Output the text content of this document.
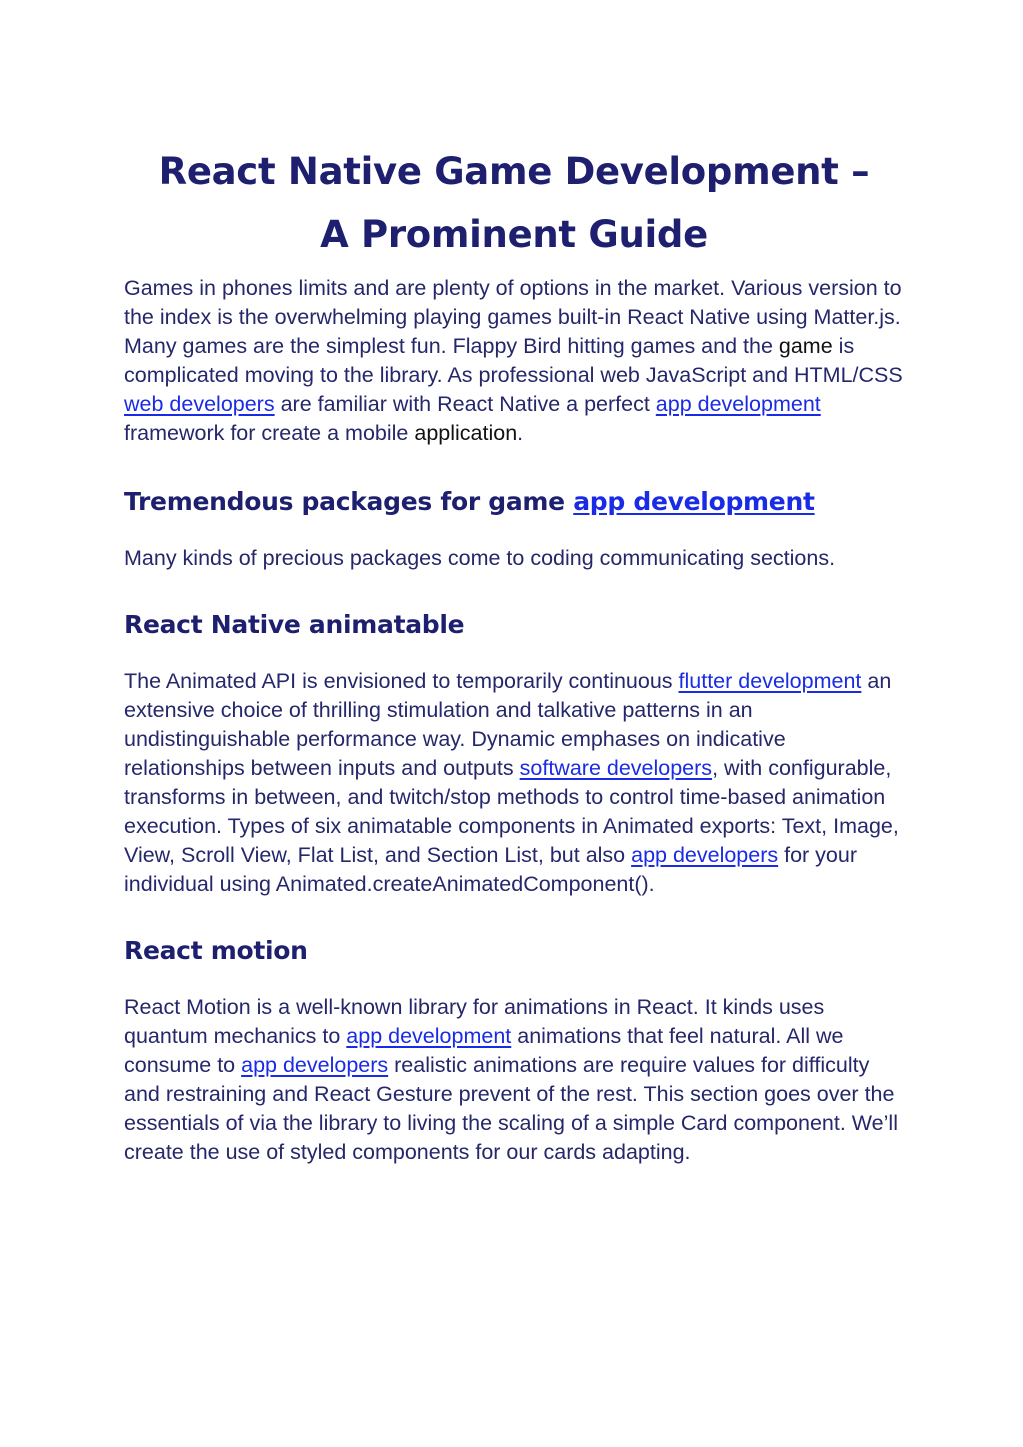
React Native Game Development –
A Prominent Guide

Games in phones limits and are plenty of options in the market. Various version to the index is the overwhelming playing games built-in React Native using Matter.js. Many games are the simplest fun. Flappy Bird hitting games and the game is complicated moving to the library. As professional web JavaScript and HTML/CSS web developers are familiar with React Native a perfect app development framework for create a mobile application.

Tremendous packages for game app development

Many kinds of precious packages come to coding communicating sections.

React Native animatable

The Animated API is envisioned to temporarily continuous flutter development an extensive choice of thrilling stimulation and talkative patterns in an undistinguishable performance way. Dynamic emphases on indicative relationships between inputs and outputs software developers, with configurable, transforms in between, and twitch/stop methods to control time-based animation execution. Types of six animatable components in Animated exports: Text, Image, View, Scroll View, Flat List, and Section List, but also app developers for your individual using Animated.createAnimatedComponent().

React motion

React Motion is a well-known library for animations in React. It kinds uses quantum mechanics to app development animations that feel natural. All we consume to app developers realistic animations are require values for difficulty and restraining and React Gesture prevent of the rest. This section goes over the essentials of via the library to living the scaling of a simple Card component. We’ll create the use of styled components for our cards adapting.
